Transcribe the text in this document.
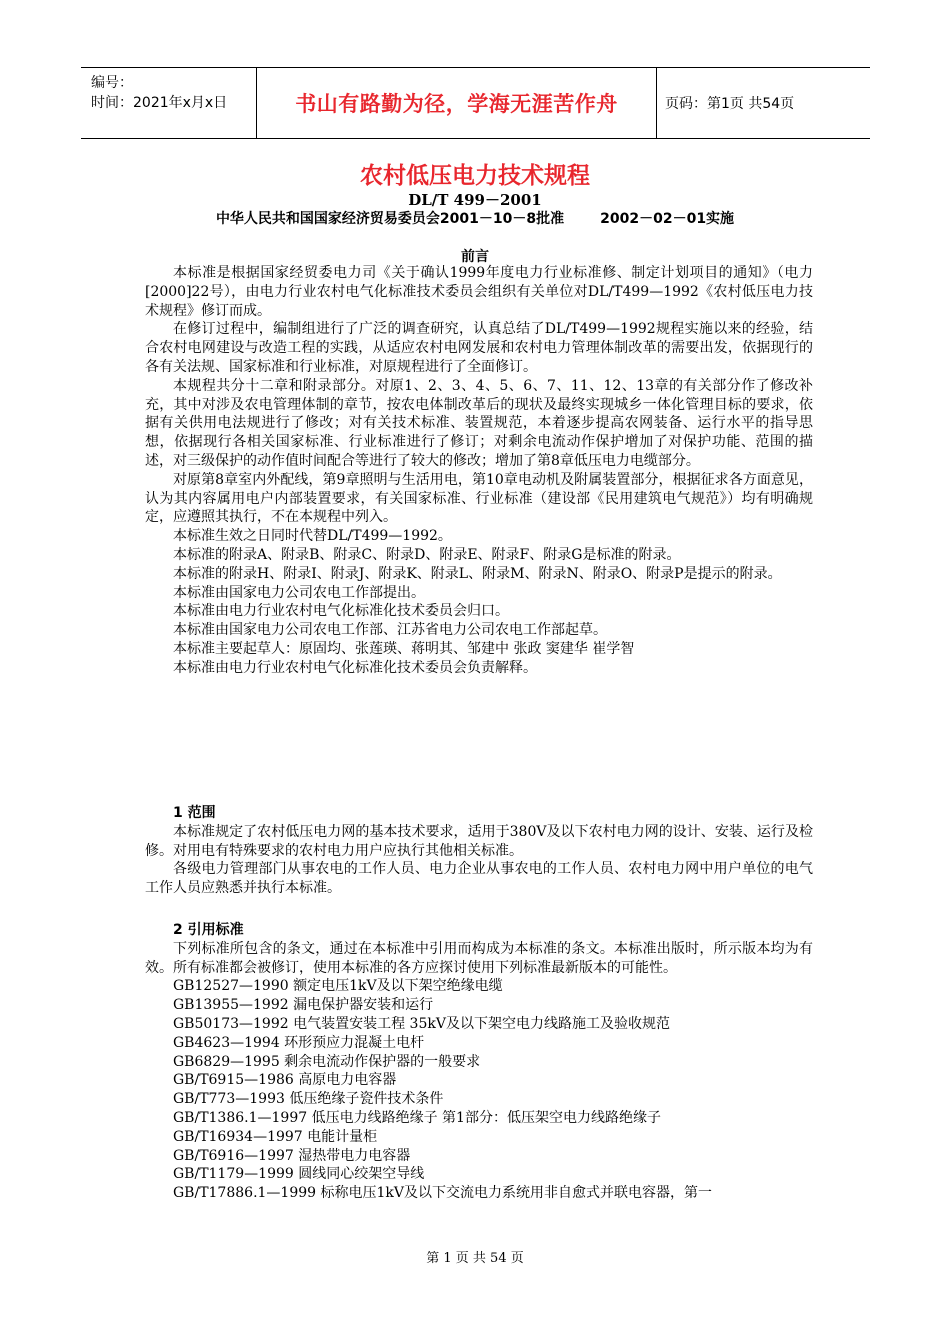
编号：
时间：2021年x月x日	书山有路勤为径，学海无涯苦作舟	页码：第1页 共54页
农村低压电力技术规程
DL/T 499－2001
中华人民共和国国家经济贸易委员会2001－10－8批准	2002－02－01实施
前言

本标准是根据国家经贸委电力司《关于确认1999年度电力行业标准修、制定计划项目的通知》（电力[2000]22号），由电力行业农村电气化标准技术委员会组织有关单位对DL/T499—1992《农村低压电力技术规程》修订而成。

在修订过程中，编制组进行了广泛的调查研究，认真总结了DL/T499—1992规程实施以来的经验，结合农村电网建设与改造工程的实践，从适应农村电网发展和农村电力管理体制改革的需要出发，依据现行的各有关法规、国家标准和行业标准，对原规程进行了全面修订。

本规程共分十二章和附录部分。对原1、2、3、4、5、6、7、11、12、13章的有关部分作了修改补充，其中对涉及农电管理体制的章节，按农电体制改革后的现状及最终实现城乡一体化管理目标的要求，依据有关供用电法规进行了修改；对有关技术标准、装置规范，本着逐步提高农网装备、运行水平的指导思想，依据现行各相关国家标准、行业标准进行了修订；对剩余电流动作保护增加了对保护功能、范围的描述，对三级保护的动作值时间配合等进行了较大的修改；增加了第8章低压电力电缆部分。

对原第8章室内外配线，第9章照明与生活用电，第10章电动机及附属装置部分，根据征求各方面意见，认为其内容属用电户内部装置要求，有关国家标准、行业标准（建设部《民用建筑电气规范》）均有明确规定，应遵照其执行，不在本规程中列入。

本标准生效之日同时代替DL/T499—1992。

本标准的附录A、附录B、附录C、附录D、附录E、附录F、附录G是标准的附录。

本标准的附录H、附录I、附录J、附录K、附录L、附录M、附录N、附录O、附录P是提示的附录。

本标准由国家电力公司农电工作部提出。

本标准由电力行业农村电气化标准化技术委员会归口。

本标准由国家电力公司农电工作部、江苏省电力公司农电工作部起草。

本标准主要起草人：原固均、张莲瑛、蒋明其、邹建中 张政 窦建华 崔学智

本标准由电力行业农村电气化标准化技术委员会负责解释。

1 范围

本标准规定了农村低压电力网的基本技术要求，适用于380V及以下农村电力网的设计、安装、运行及检修。对用电有特殊要求的农村电力用户应执行其他相关标准。

各级电力管理部门从事农电的工作人员、电力企业从事农电的工作人员、农村电力网中用户单位的电气工作人员应熟悉并执行本标准。

2 引用标准

下列标准所包含的条文，通过在本标准中引用而构成为本标准的条文。本标准出版时，所示版本均为有效。所有标准都会被修订，使用本标准的各方应探讨使用下列标准最新版本的可能性。

GB12527—1990 额定电压1kV及以下架空绝缘电缆
GB13955—1992 漏电保护器安装和运行
GB50173—1992 电气装置安装工程 35kV及以下架空电力线路施工及验收规范
GB4623—1994 环形预应力混凝土电杆
GB6829—1995 剩余电流动作保护器的一般要求
GB/T6915—1986 高原电力电容器
GB/T773—1993 低压绝缘子瓷件技术条件
GB/T1386.1—1997 低压电力线路绝缘子 第1部分：低压架空电力线路绝缘子
GB/T16934—1997 电能计量柜
GB/T6916—1997 湿热带电力电容器
GB/T1179—1999 圆线同心绞架空导线
GB/T17886.1—1999 标称电压1kV及以下交流电力系统用非自愈式并联电容器，第一
第 1 页 共 54 页
